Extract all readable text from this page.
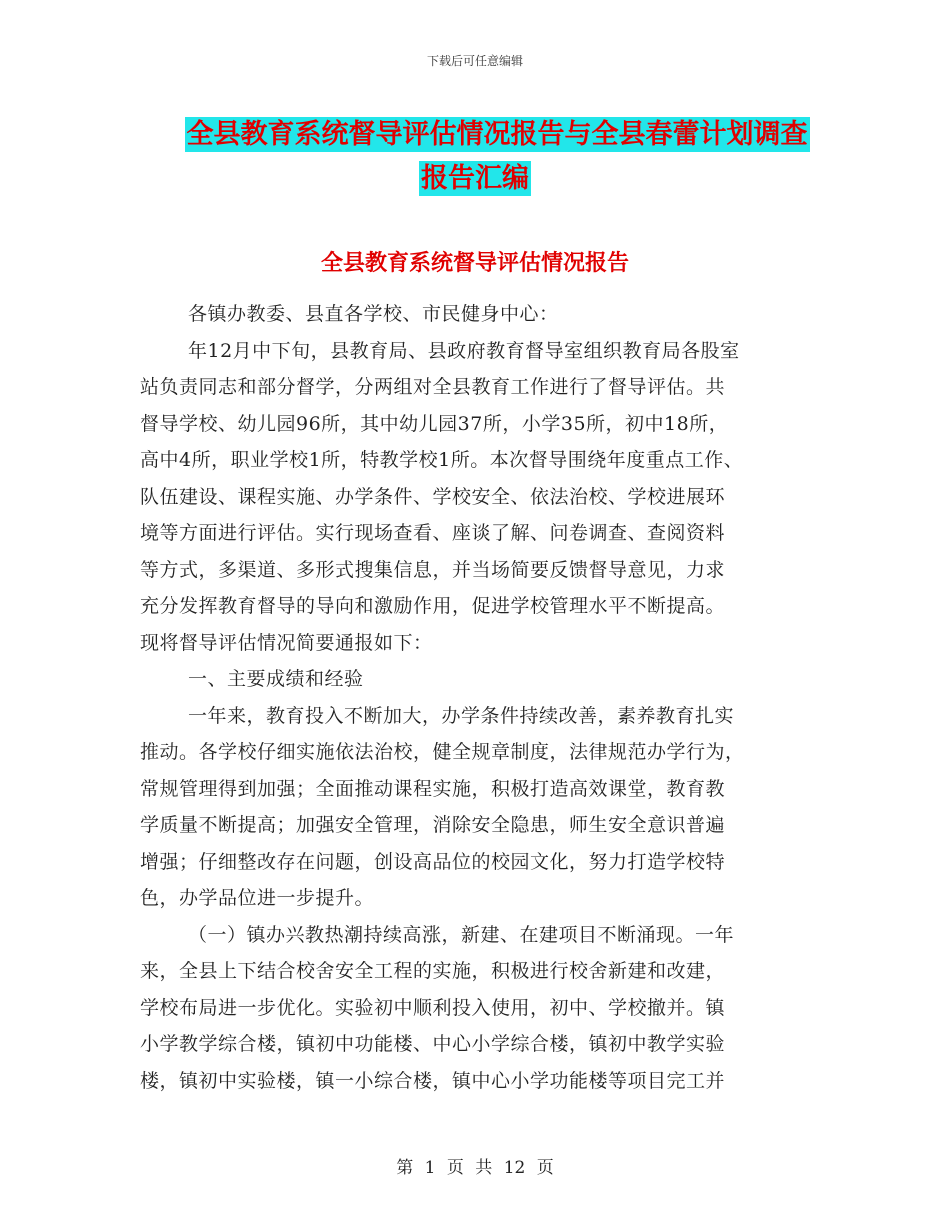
下载后可任意编辑
全县教育系统督导评估情况报告与全县春蕾计划调查
报告汇编
全县教育系统督导评估情况报告
各镇办教委、县直各学校、市民健身中心：
年12月中下旬，县教育局、县政府教育督导室组织教育局各股室
站负责同志和部分督学，分两组对全县教育工作进行了督导评估。共
督导学校、幼儿园96所，其中幼儿园37所，小学35所，初中18所，
高中4所，职业学校1所，特教学校1所。本次督导围绕年度重点工作、
队伍建设、课程实施、办学条件、学校安全、依法治校、学校进展环
境等方面进行评估。实行现场查看、座谈了解、问卷调查、查阅资料
等方式，多渠道、多形式搜集信息，并当场简要反馈督导意见，力求
充分发挥教育督导的导向和激励作用，促进学校管理水平不断提高。
现将督导评估情况简要通报如下：
一、主要成绩和经验
一年来，教育投入不断加大，办学条件持续改善，素养教育扎实
推动。各学校仔细实施依法治校，健全规章制度，法律规范办学行为，
常规管理得到加强；全面推动课程实施，积极打造高效课堂，教育教
学质量不断提高；加强安全管理，消除安全隐患，师生安全意识普遍
增强；仔细整改存在问题，创设高品位的校园文化，努力打造学校特
色，办学品位进一步提升。
（一）镇办兴教热潮持续高涨，新建、在建项目不断涌现。一年
来，全县上下结合校舍安全工程的实施，积极进行校舍新建和改建，
学校布局进一步优化。实验初中顺利投入使用，初中、学校撤并。镇
小学教学综合楼，镇初中功能楼、中心小学综合楼，镇初中教学实验
楼，镇初中实验楼，镇一小综合楼，镇中心小学功能楼等项目完工并
第 1 页 共 12 页
